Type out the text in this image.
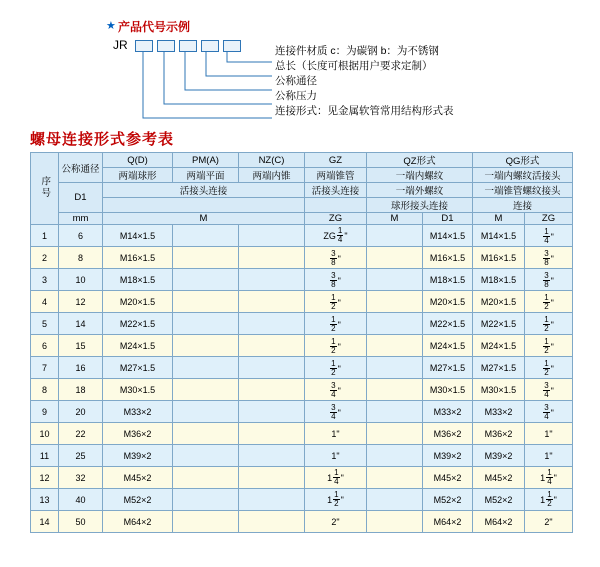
★ 产品代号示例
JR	连接件材质 c：为碳钢 b：为不锈钢
总长（长度可根据用户要求定制）
公称通径
公称压力
连接形式：见金属软管常用结构形式表
螺母连接形式参考表
序号	公称通径	Q(D)	PM(A)	NZ(C)	GZ	QZ形式		QG形式	
		两端球形	两端平面	两端内锥	两端锥管	一端内螺纹		一端内螺纹活接头	
	D1	活接头连接			活接头连接	一端外螺纹		一端锥管螺纹接头	
						球形接头连接		连接	
	mm	M			ZG	M	D1	M	ZG
1	6	M14×1.5			ZG $\frac{1}{4}$ "		M14×1.5	M14×1.5	$\frac{1}{4}$ "

2	8	M16×1.5			$\frac{3}{8}$ "		M16×1.5	M16×1.5	$\frac{3}{8}$ "

3	10	M18×1.5			$\frac{3}{8}$ "		M18×1.5	M18×1.5	$\frac{3}{8}$ "

4	12	M20×1.5			$\frac{1}{2}$ "		M20×1.5	M20×1.5	$\frac{1}{2}$ "

5	14	M22×1.5			$\frac{1}{2}$ "		M22×1.5	M22×1.5	$\frac{1}{2}$ "

6	15	M24×1.5			$\frac{1}{2}$ "		M24×1.5	M24×1.5	$\frac{1}{2}$ "

7	16	M27×1.5			$\frac{1}{2}$ "		M27×1.5	M27×1.5	$\frac{1}{2}$ "

8	18	M30×1.5			$\frac{3}{4}$ "		M30×1.5	M30×1.5	$\frac{3}{4}$ "

9	20	M33×2			$\frac{3}{4}$ "		M33×2	M33×2	$\frac{3}{4}$ "

10	22	M36×2			1"		M36×2	M36×2	1"
11	25	M39×2			1"		M39×2	M39×2	1"
12	32	M45×2			$1 \frac{1}{4}$ "		M45×2	M45×2	$1 \frac{1}{4}$ "

13	40	M52×2			$1 \frac{1}{2}$ "		M52×2	M52×2	$1 \frac{1}{2}$ "

14	50	M64×2			2"		M64×2	M64×2	2"
